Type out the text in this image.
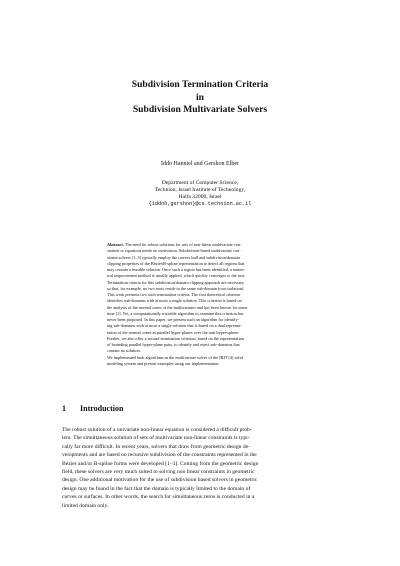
Subdivision Termination Criteria
in
Subdivision Multivariate Solvers
Iddo Hanniel and Gershon Elber
Department of Computer Science,
Technion, Israel Institute of Technology,
Haifa 32000, Israel
{iddoh,gershon}@cs.technion.ac.il
Abstract. The need for robust solutions for sets of non-linear multivariate con-
straints or equations needs no motivation. Subdivision-based multivariate con-
straint solvers [1–3] typically employ the convex hull and subdivision/domain
clipping properties of the Bézier/B-spline representation to detect all regions that
may contain a feasible solution. Once such a region has been identified, a numer-
ical improvement method is usually applied, which quickly converges to the root.
Termination criteria for this subdivision/domain clipping approach are necessary
so that, for example, no two roots reside in the same sub-domain (root isolation).
This work presents two such termination criteria. The first theoretical criterion
identifies sub-domains with at most a single solution. This criterion is based on
the analysis of the normal cones of the multivariates and has been known for some
time [1]. Yet, a computationally tractable algorithm to examine this criterion has
never been proposed. In this paper, we present such an algorithm for identify-
ing sub-domains with at most a single solution that is based on a dual represen-
tation of the normal cones as parallel hyper-planes over the unit hyper-sphere.
Further, we also offer a second termination criterion, based on the representation
of bounding parallel hyper-plane pairs, to identify and reject sub-domains that
contain no solution.
We implemented both algorithms in the multivariate solver of the IRIT [4] solid
modeling system and present examples using our implementation.
1 Introduction
The robust solution of a univariate non-linear equation is considered a difficult prob-
lem. The simultaneous solution of sets of multivariate non-linear constraints is typi-
cally far more difficult. In recent years, solvers that draw from geometric design de-
velopments and are based on recursive subdivision of the constraints represented in the
Bézier and/or B-spline forms were developed [1–3]. Coming from the geometric design
field, these solvers are very much suited to solving non linear constraints in geometric
design. One additional motivation for the use of subdivision based solvers in geometric
design may be found in the fact that the domain is typically limited to the domain of
curves or surfaces. In other words, the search for simultaneous zeros is conducted in a
limited domain only.
